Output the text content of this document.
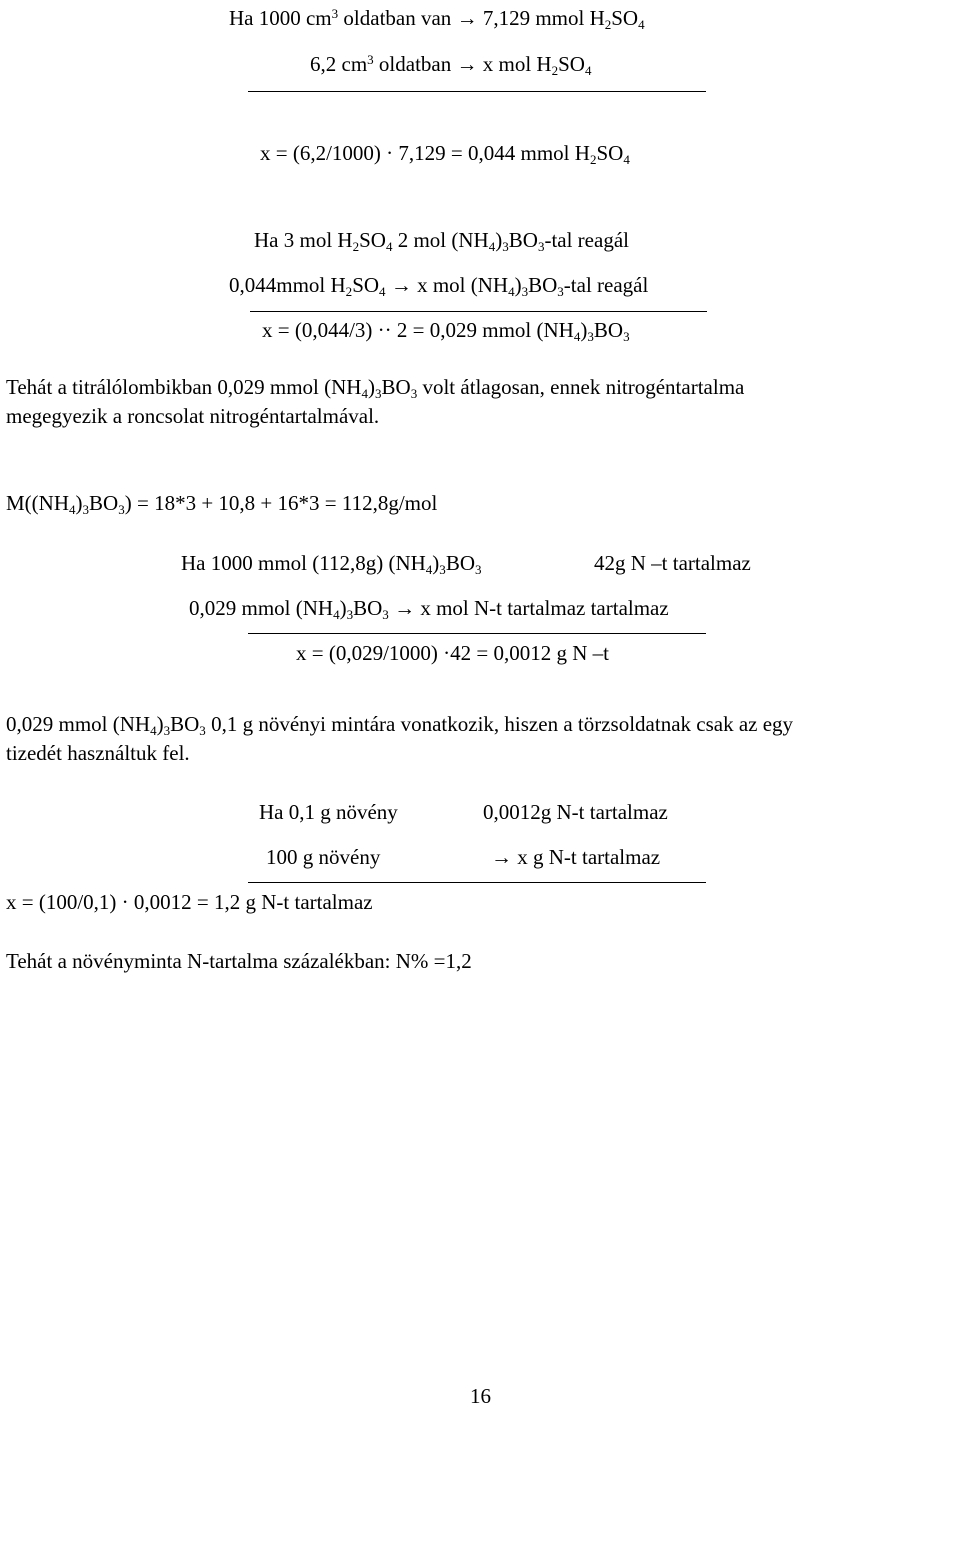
Ha 1000 $cm^3$ oldatban van → 7,129 mmol $H_2SO_4$
6,2 $cm^3$ oldatban → x mol $H_2SO_4$
x = (6,2/1000) · 7,129 = 0,044 mmol $H_2SO_4$
Ha 3 mol $H_2SO_4$ 2 mol $(NH_4)_3BO_3$-tal reagál
0,044mmol $H_2SO_4 \to x$ mol $(NH_4)_3BO_3$-tal reagál
x = (0,044/3) ·· 2 = 0,029 mmol $(NH_4)_3BO_3$
Tehát a titrálólombikban 0,029 mmol $(NH_4)_3BO_3$ volt átlagosan, ennek nitrogéntartalma
megegyezik a roncsolat nitrogéntartalmával.
$M((NH_4)_3BO_3) = 18*3 + 10,8 + 16*3 = 112,8g/mol$
Ha 1000 mmol (112,8g) $(NH_4)_3BO_3$	42g N –t tartalmaz
0,029 mmol $(NH_4)_3BO_3 \to x$ mol N-t tartalmaz tartalmaz
x = (0,029/1000) ·42 = 0,0012 g N –t
0,029 mmol $(NH_4)_3BO_3$ 0,1 g növényi mintára vonatkozik, hiszen a törzsoldatnak csak az egy
tizedét használtuk fel.
Ha 0,1 g növény	0,0012g N-t tartalmaz
100 g növény	→ x g N-t tartalmaz
x = (100/0,1) · 0,0012 = 1,2 g N-t tartalmaz
Tehát a növényminta N-tartalma százalékban: N% =1,2
16
